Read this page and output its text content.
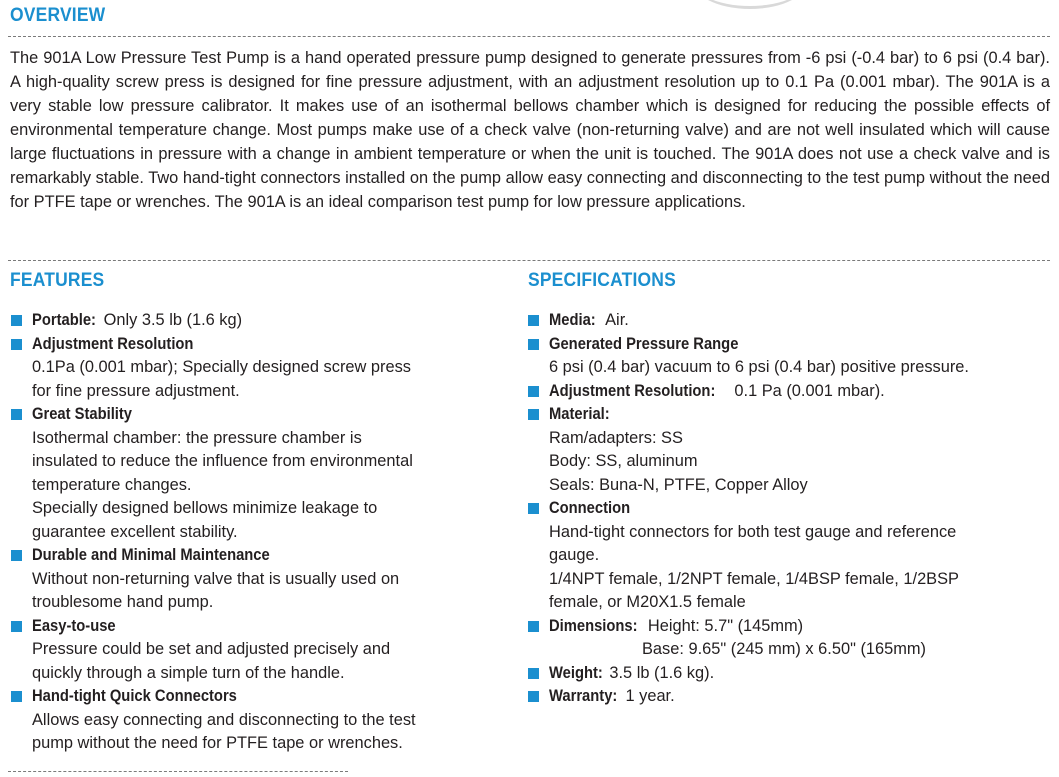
OVERVIEW

The 901A Low Pressure Test Pump is a hand operated pressure pump designed to generate pressures from -6 psi (-0.4 bar) to 6 psi (0.4 bar). A high-quality screw press is designed for fine pressure adjustment, with an adjustment resolution up to 0.1 Pa (0.001 mbar). The 901A is a very stable low pressure calibrator. It makes use of an isothermal bellows chamber which is designed for reducing the possible effects of environmental temperature change. Most pumps make use of a check valve (non-returning valve) and are not well insulated which will cause large fluctuations in pressure with a change in ambient temperature or when the unit is touched. The 901A does not use a check valve and is remarkably stable. Two hand-tight connectors installed on the pump allow easy connecting and disconnecting to the test pump without the need for PTFE tape or wrenches. The 901A is an ideal comparison test pump for low pressure applications.

FEATURES
Portable: Only 3.5 lb (1.6 kg)
Adjustment Resolution
0.1Pa (0.001 mbar); Specially designed screw press
for fine pressure adjustment.
Great Stability
Isothermal chamber: the pressure chamber is
insulated to reduce the influence from environmental
temperature changes.
Specially designed bellows minimize leakage to
guarantee excellent stability.
Durable and Minimal Maintenance
Without non-returning valve that is usually used on
troublesome hand pump.
Easy-to-use
Pressure could be set and adjusted precisely and
quickly through a simple turn of the handle.
Hand-tight Quick Connectors
Allows easy connecting and disconnecting to the test
pump without the need for PTFE tape or wrenches.
SPECIFICATIONS
Media:  Air.
Generated Pressure Range
6 psi (0.4 bar) vacuum to 6 psi (0.4 bar) positive pressure.
Adjustment Resolution: 0.1 Pa (0.001 mbar).
Material:
Ram/adapters: SS
Body: SS, aluminum
Seals: Buna-N, PTFE, Copper Alloy
Connection
Hand-tight connectors for both test gauge and reference
gauge.
1/4NPT female, 1/2NPT female, 1/4BSP female, 1/2BSP
female, or M20X1.5 female
Dimensions: Height: 5.7" (145mm)
Base: 9.65" (245 mm) x 6.50" (165mm)
Weight: 3.5 lb (1.6 kg).
Warranty: 1 year.
